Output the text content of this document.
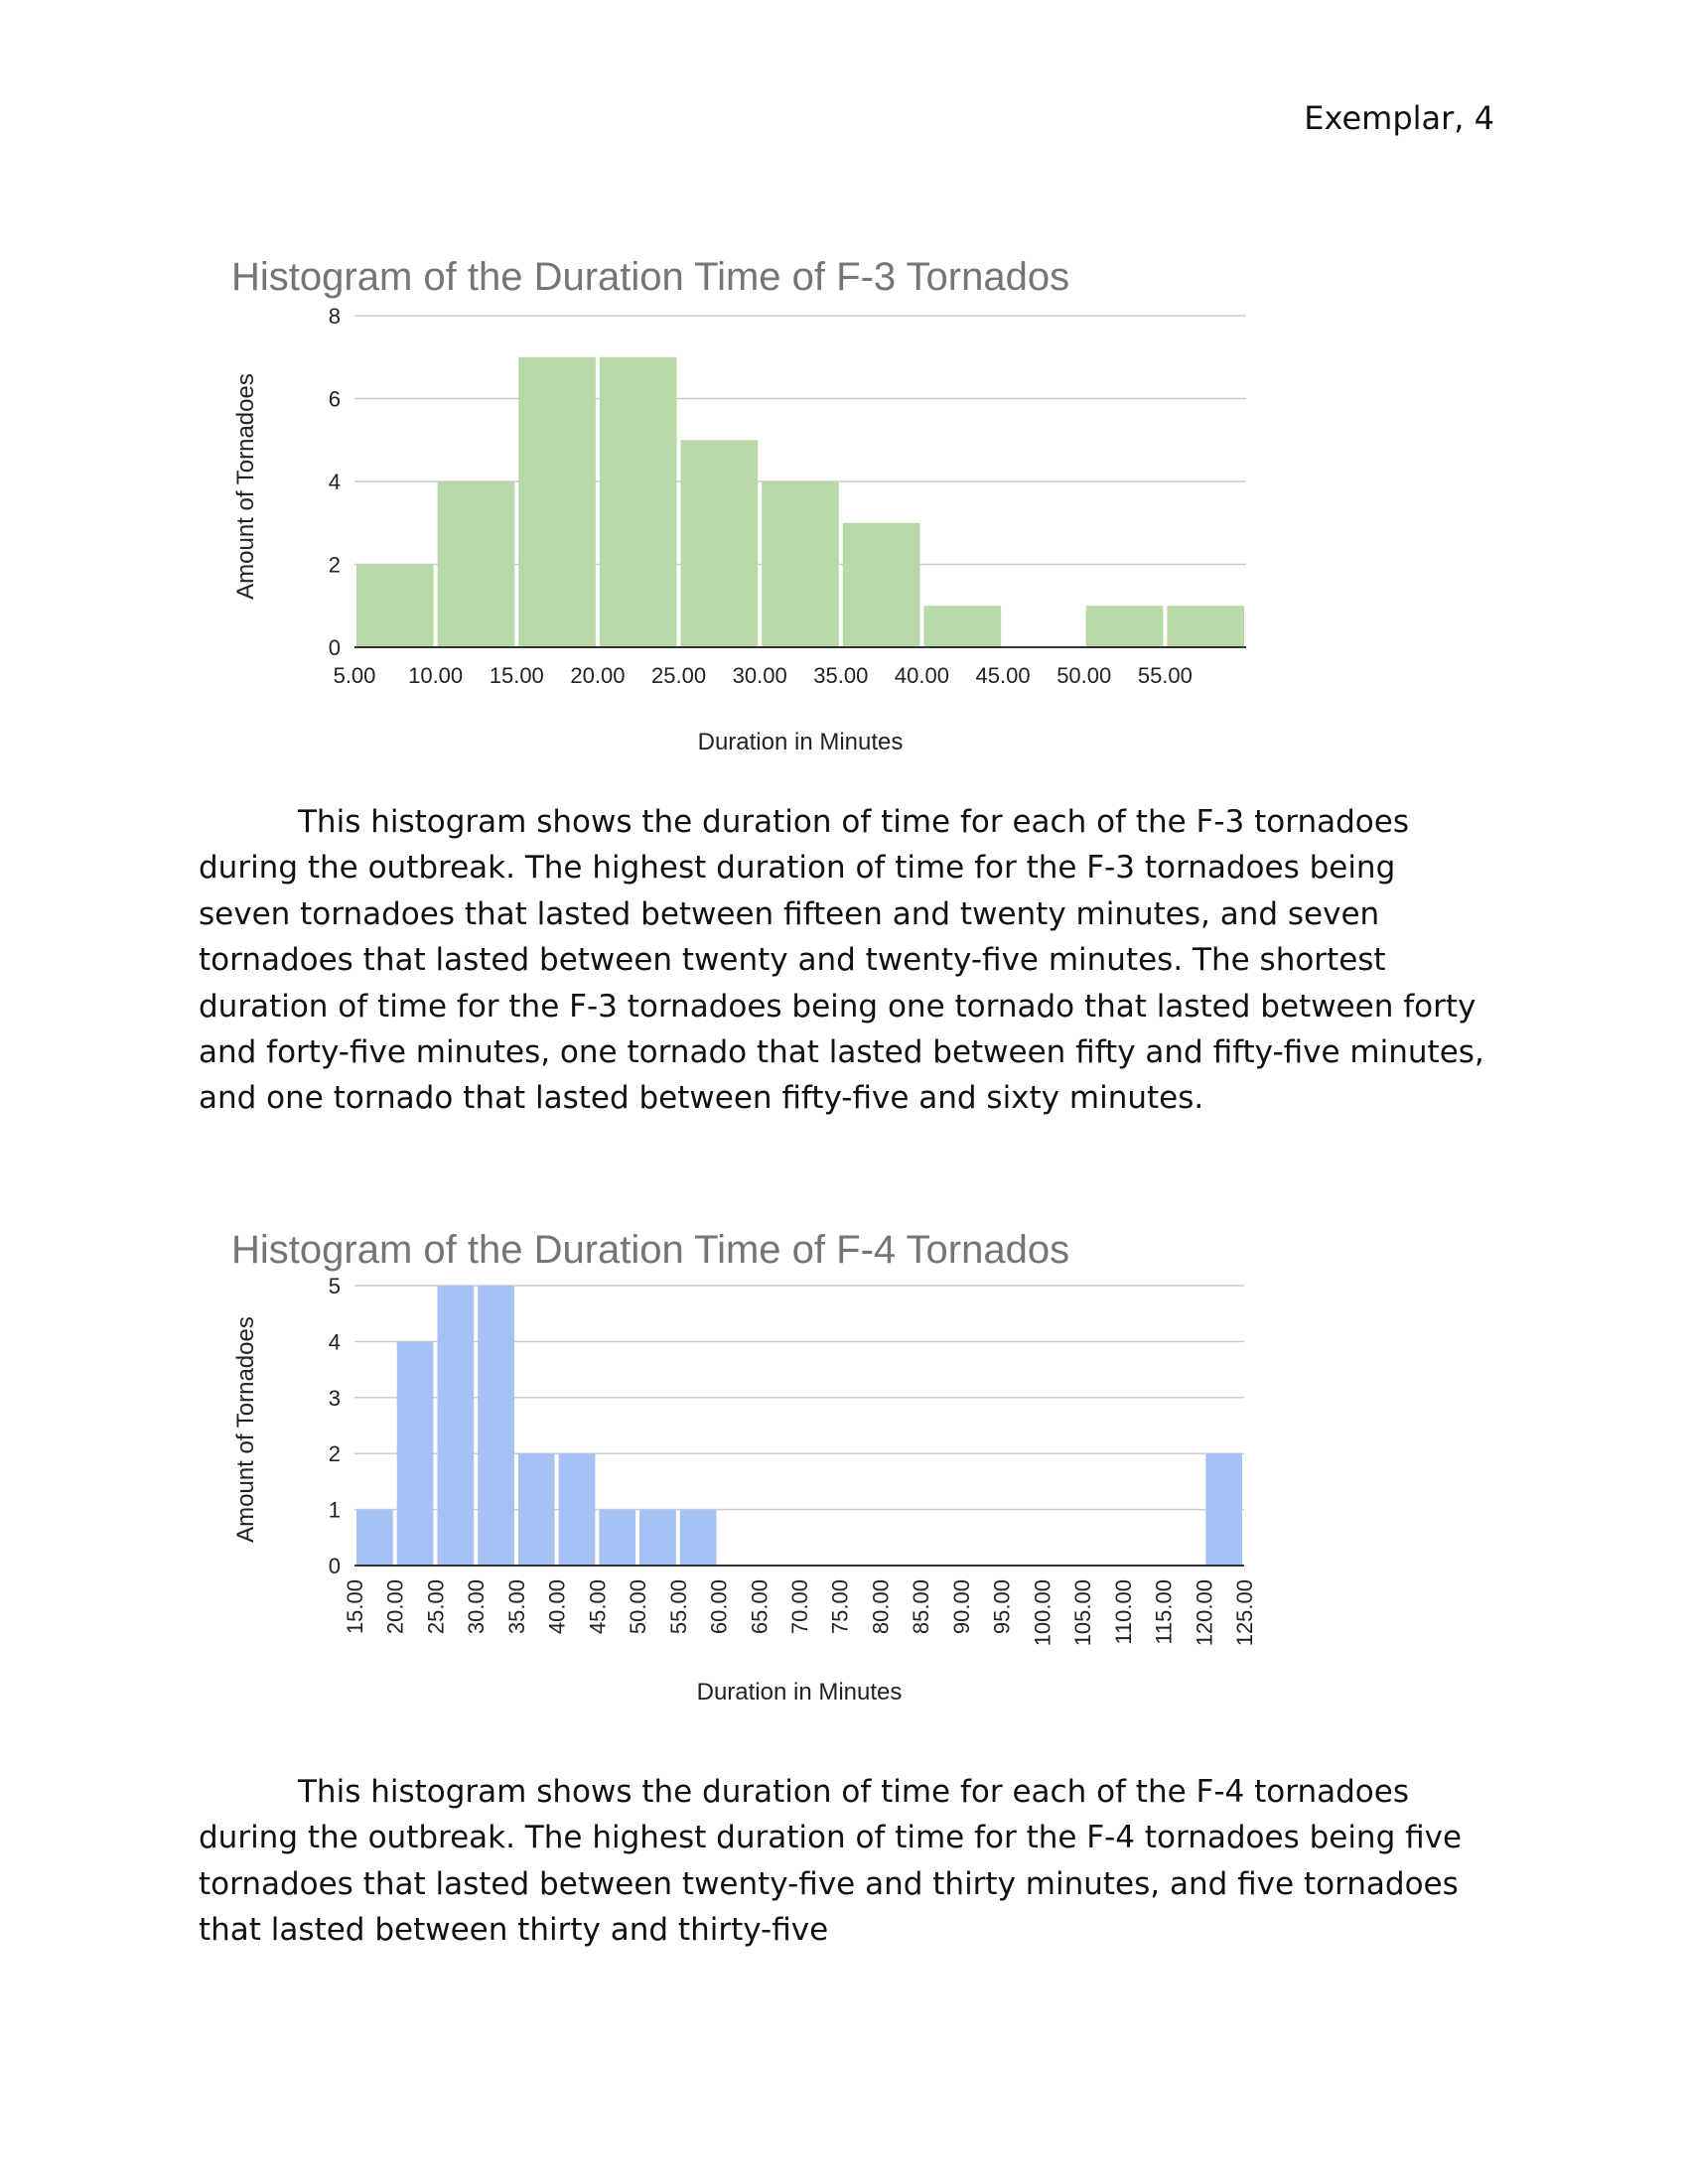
Exemplar, 4
Histogram of the Duration Time of F-3 Tornados
0
2
4
6
8
5.00 10.00 15.00 20.00 25.00 30.00 35.00 40.00 45.00 50.00 55.00
Duration in Minutes
Amount of Tornadoes

This histogram shows the duration of time for each of the F-3 tornadoes during the outbreak. The highest duration of time for the F-3 tornadoes being seven tornadoes that lasted between fifteen and twenty minutes, and seven tornadoes that lasted between twenty and twenty-five minutes. The shortest duration of time for the F-3 tornadoes being one tornado that lasted between forty and forty-five minutes, one tornado that lasted between fifty and fifty-five minutes, and one tornado that lasted between fifty-five and sixty minutes.

Histogram of the Duration Time of F-4 Tornados
0
1
2
3
4
5
15.00 20.00 25.00 30.00 35.00 40.00 45.00 50.00 55.00 60.00 65.00 70.00 75.00 80.00 85.00 90.00 95.00 100.00 105.00 110.00 115.00 120.00 125.00
Duration in Minutes
Amount of Tornadoes

This histogram shows the duration of time for each of the F-4 tornadoes during the outbreak. The highest duration of time for the F-4 tornadoes being five tornadoes that lasted between twenty-five and thirty minutes, and five tornadoes that lasted between thirty and thirty-five
